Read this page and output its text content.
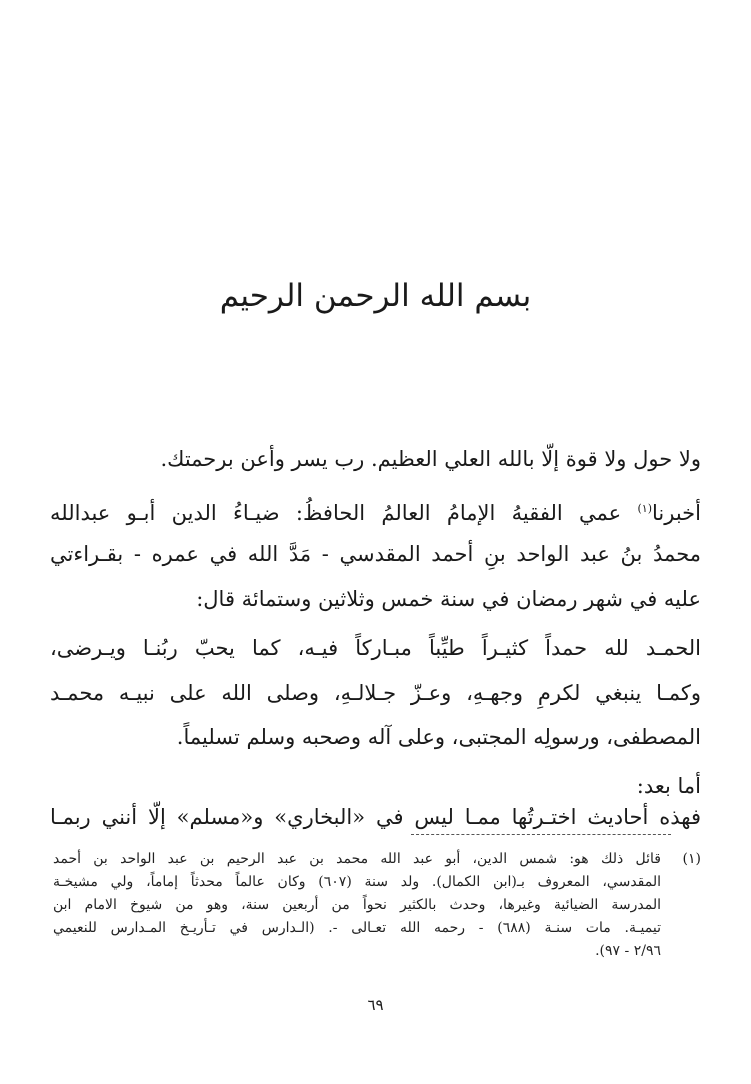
بسم الله الرحمن الرحيم
ولا حول ولا قوة إلّا بالله العلي العظيم. رب يسر وأعن برحمتك.
أخبرنا$^{(١)}$ عمي الفقيهُ الإمامُ العالمُ الحافظُ: ضيـاءُ الدين أبـو عبدالله
محمدُ بنُ عبد الواحد بنِ أحمد المقدسي - مَدَّ الله في عمره - بقـراءتي
عليه في شهر رمضان في سنة خمس وثلاثين وستمائة قال:
الحمـد لله حمداً كثيـراً طيِّباً مبـاركاً فيـه، كما يحبّ ربُنـا ويـرضى،
وكمـا ينبغي لكرمِ وجهـهِ، وعـزّ جـلالـهِ، وصلى الله على نبيـه محمـد
المصطفى، ورسولِه المجتبى، وعلى آله وصحبه وسلم تسليماً.
أما بعد:
فهذه أحاديث اختـرتُها ممـا ليس في «البخاري» و«مسلم» إلّا أنني ربمـا
(١)
قائل ذلك هو: شمس الدين، أبو عبد الله محمد بن عبد الرحيم بن عبد الواحد بن أحمد
المقدسي، المعروف بـ(ابن الكمال). ولد سنة (٦٠٧) وكان عالماً محدثاً إماماً، ولي مشيخـة
المدرسة الضيائية وغيرها، وحدث بالكثير نحواً من أربعين سنة، وهو من شيوخ الامام ابن
تيميـة. مات سنـة (٦٨٨) - رحمه الله تعـالى -. (الـدارس في تـأريـخ المـدارس للنعيمي
٢/٩٦ - ٩٧).
٦٩
